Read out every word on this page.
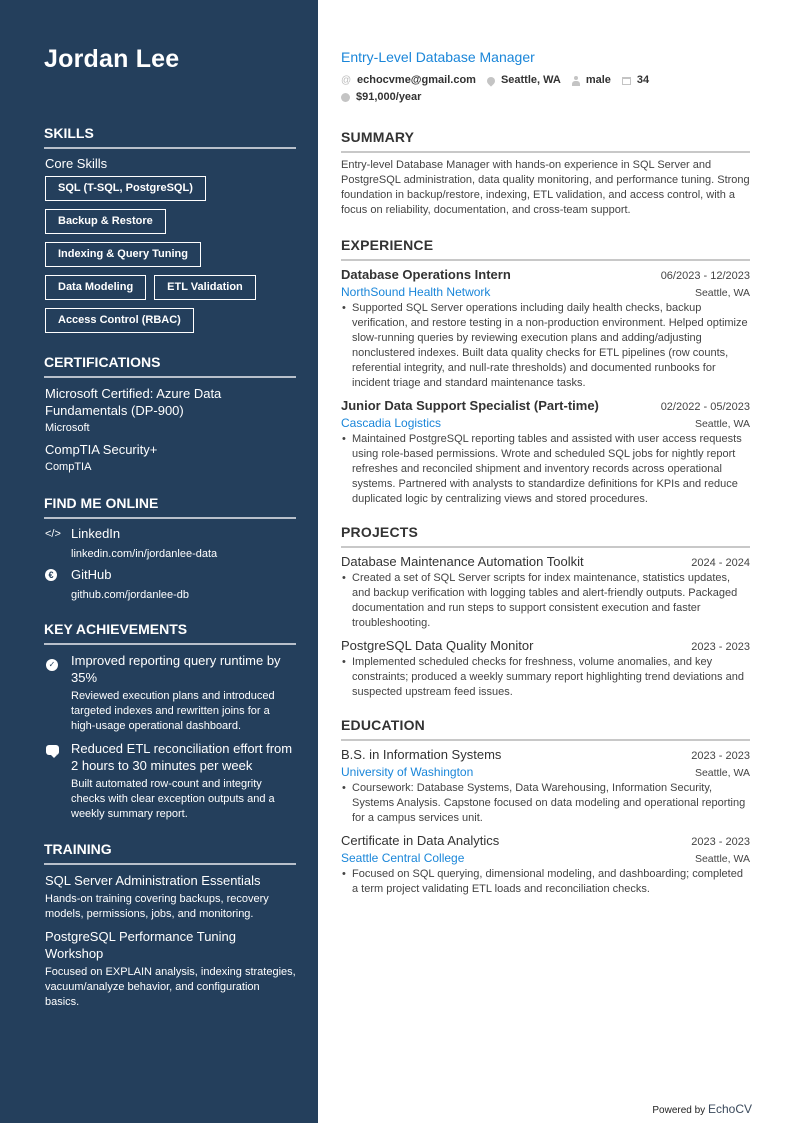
Jordan Lee
SKILLS
Core Skills
SQL (T-SQL, PostgreSQL)
Backup & Restore
Indexing & Query Tuning
Data Modeling	ETL Validation
Access Control (RBAC)
CERTIFICATIONS
Microsoft Certified: Azure Data Fundamentals (DP-900)
Microsoft
CompTIA Security+
CompTIA
FIND ME ONLINE
</> LinkedIn
linkedin.com/in/jordanlee-data
€	GitHub
github.com/jordanlee-db
KEY ACHIEVEMENTS
✓	Improved reporting query runtime by 35%
Reviewed execution plans and introduced targeted indexes and rewritten joins for a high-usage operational dashboard.
Reduced ETL reconciliation effort from 2 hours to 30 minutes per week
Built automated row-count and integrity checks with clear exception outputs and a weekly summary report.
TRAINING
SQL Server Administration Essentials
Hands-on training covering backups, recovery models, permissions, jobs, and monitoring.
PostgreSQL Performance Tuning Workshop
Focused on EXPLAIN analysis, indexing strategies, vacuum/analyze behavior, and configuration basics.
Entry-Level Database Manager
@ echocvme@gmail.com Seattle, WA male 34
$91,000/year
SUMMARY

Entry-level Database Manager with hands-on experience in SQL Server and PostgreSQL administration, data quality monitoring, and performance tuning. Strong foundation in backup/restore, indexing, ETL validation, and access control, with a focus on reliability, documentation, and cross-team support.

EXPERIENCE
Database Operations Intern	06/2023 - 12/2023
NorthSound Health Network	Seattle, WA
• Supported SQL Server operations including daily health checks, backup verification, and restore testing in a non-production environment. Helped optimize slow-running queries by reviewing execution plans and adding/adjusting nonclustered indexes. Built data quality checks for ETL pipelines (row counts, referential integrity, and null-rate thresholds) and documented runbooks for incident triage and standard maintenance tasks.
Junior Data Support Specialist (Part-time)	02/2022 - 05/2023
Cascadia Logistics	Seattle, WA
• Maintained PostgreSQL reporting tables and assisted with user access requests using role-based permissions. Wrote and scheduled SQL jobs for nightly report refreshes and reconciled shipment and inventory records across operational systems. Partnered with analysts to standardize definitions for KPIs and reduce duplicated logic by centralizing views and stored procedures.
PROJECTS
Database Maintenance Automation Toolkit	2024 - 2024
• Created a set of SQL Server scripts for index maintenance, statistics updates, and backup verification with logging tables and alert-friendly outputs. Packaged documentation and run steps to support consistent execution and faster troubleshooting.
PostgreSQL Data Quality Monitor	2023 - 2023
• Implemented scheduled checks for freshness, volume anomalies, and key constraints; produced a weekly summary report highlighting trend deviations and suspected upstream feed issues.
EDUCATION
B.S. in Information Systems	2023 - 2023
University of Washington	Seattle, WA
• Coursework: Database Systems, Data Warehousing, Information Security, Systems Analysis. Capstone focused on data modeling and operational reporting for a campus services unit.
Certificate in Data Analytics	2023 - 2023
Seattle Central College	Seattle, WA
• Focused on SQL querying, dimensional modeling, and dashboarding; completed a term project validating ETL loads and reconciliation checks.
Powered by EchoCV
